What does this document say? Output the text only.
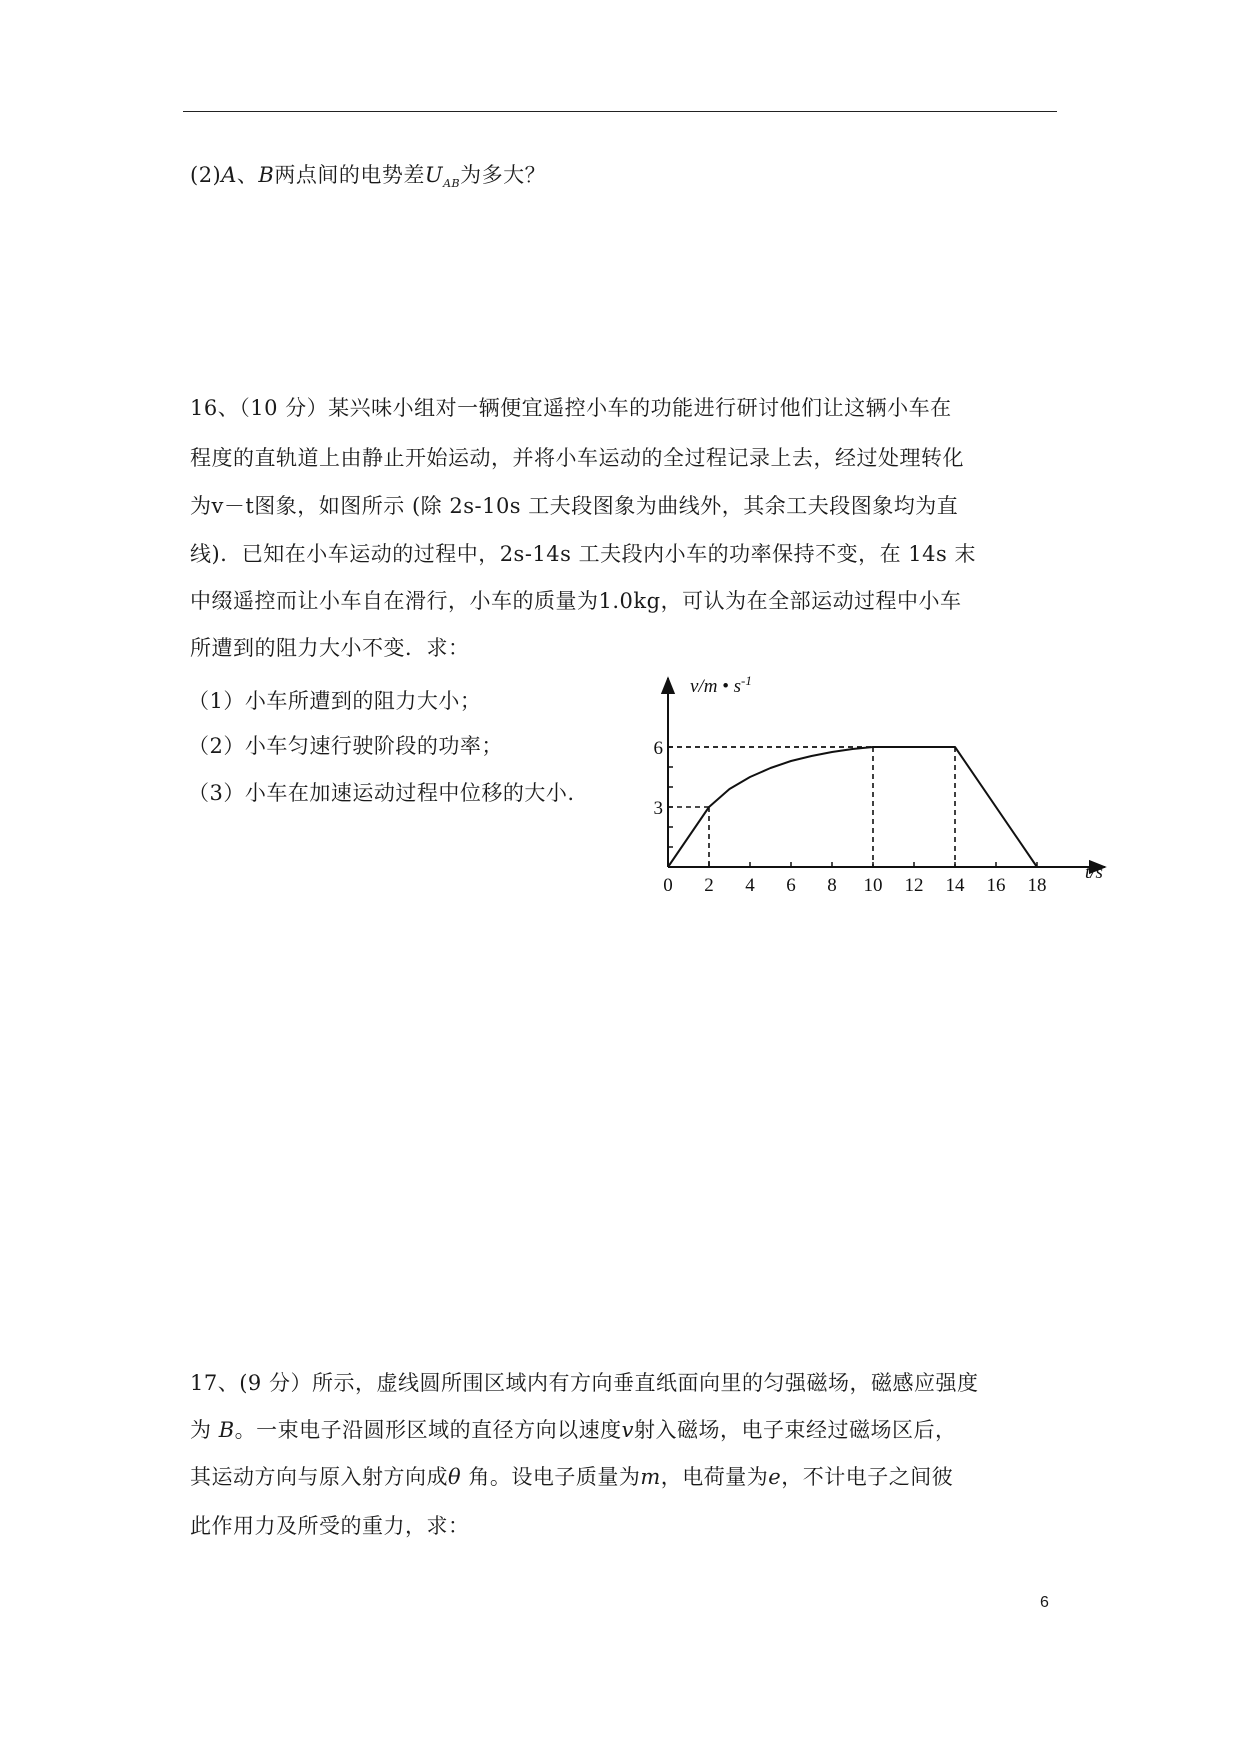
(2)A、B两点间的电势差$U_{AB}$为多大？
16、（10 分）某兴味小组对一辆便宜遥控小车的功能进行研讨他们让这辆小车在
程度的直轨道上由静止开始运动，并将小车运动的全过程记录上去，经过处理转化
为v－t图象，如图所示 (除 2s-10s 工夫段图象为曲线外，其余工夫段图象均为直
线)．已知在小车运动的过程中，2s-14s 工夫段内小车的功率保持不变，在 14s 末
中缀遥控而让小车自在滑行，小车的质量为1.0kg，可认为在全部运动过程中小车
所遭到的阻力大小不变．求：
（1）小车所遭到的阻力大小；
（2）小车匀速行驶阶段的功率；
（3）小车在加速运动过程中位移的大小.
0 2 4 6 8 10 12 14 16 18
3
6
v/m • $s^{-1}$
t/s
17、(9 分）所示，虚线圆所围区域内有方向垂直纸面向里的匀强磁场，磁感应强度
为 B。一束电子沿圆形区域的直径方向以速度v射入磁场，电子束经过磁场区后，
其运动方向与原入射方向成θ 角。设电子质量为m，电荷量为e，不计电子之间彼
此作用力及所受的重力，求：
6
